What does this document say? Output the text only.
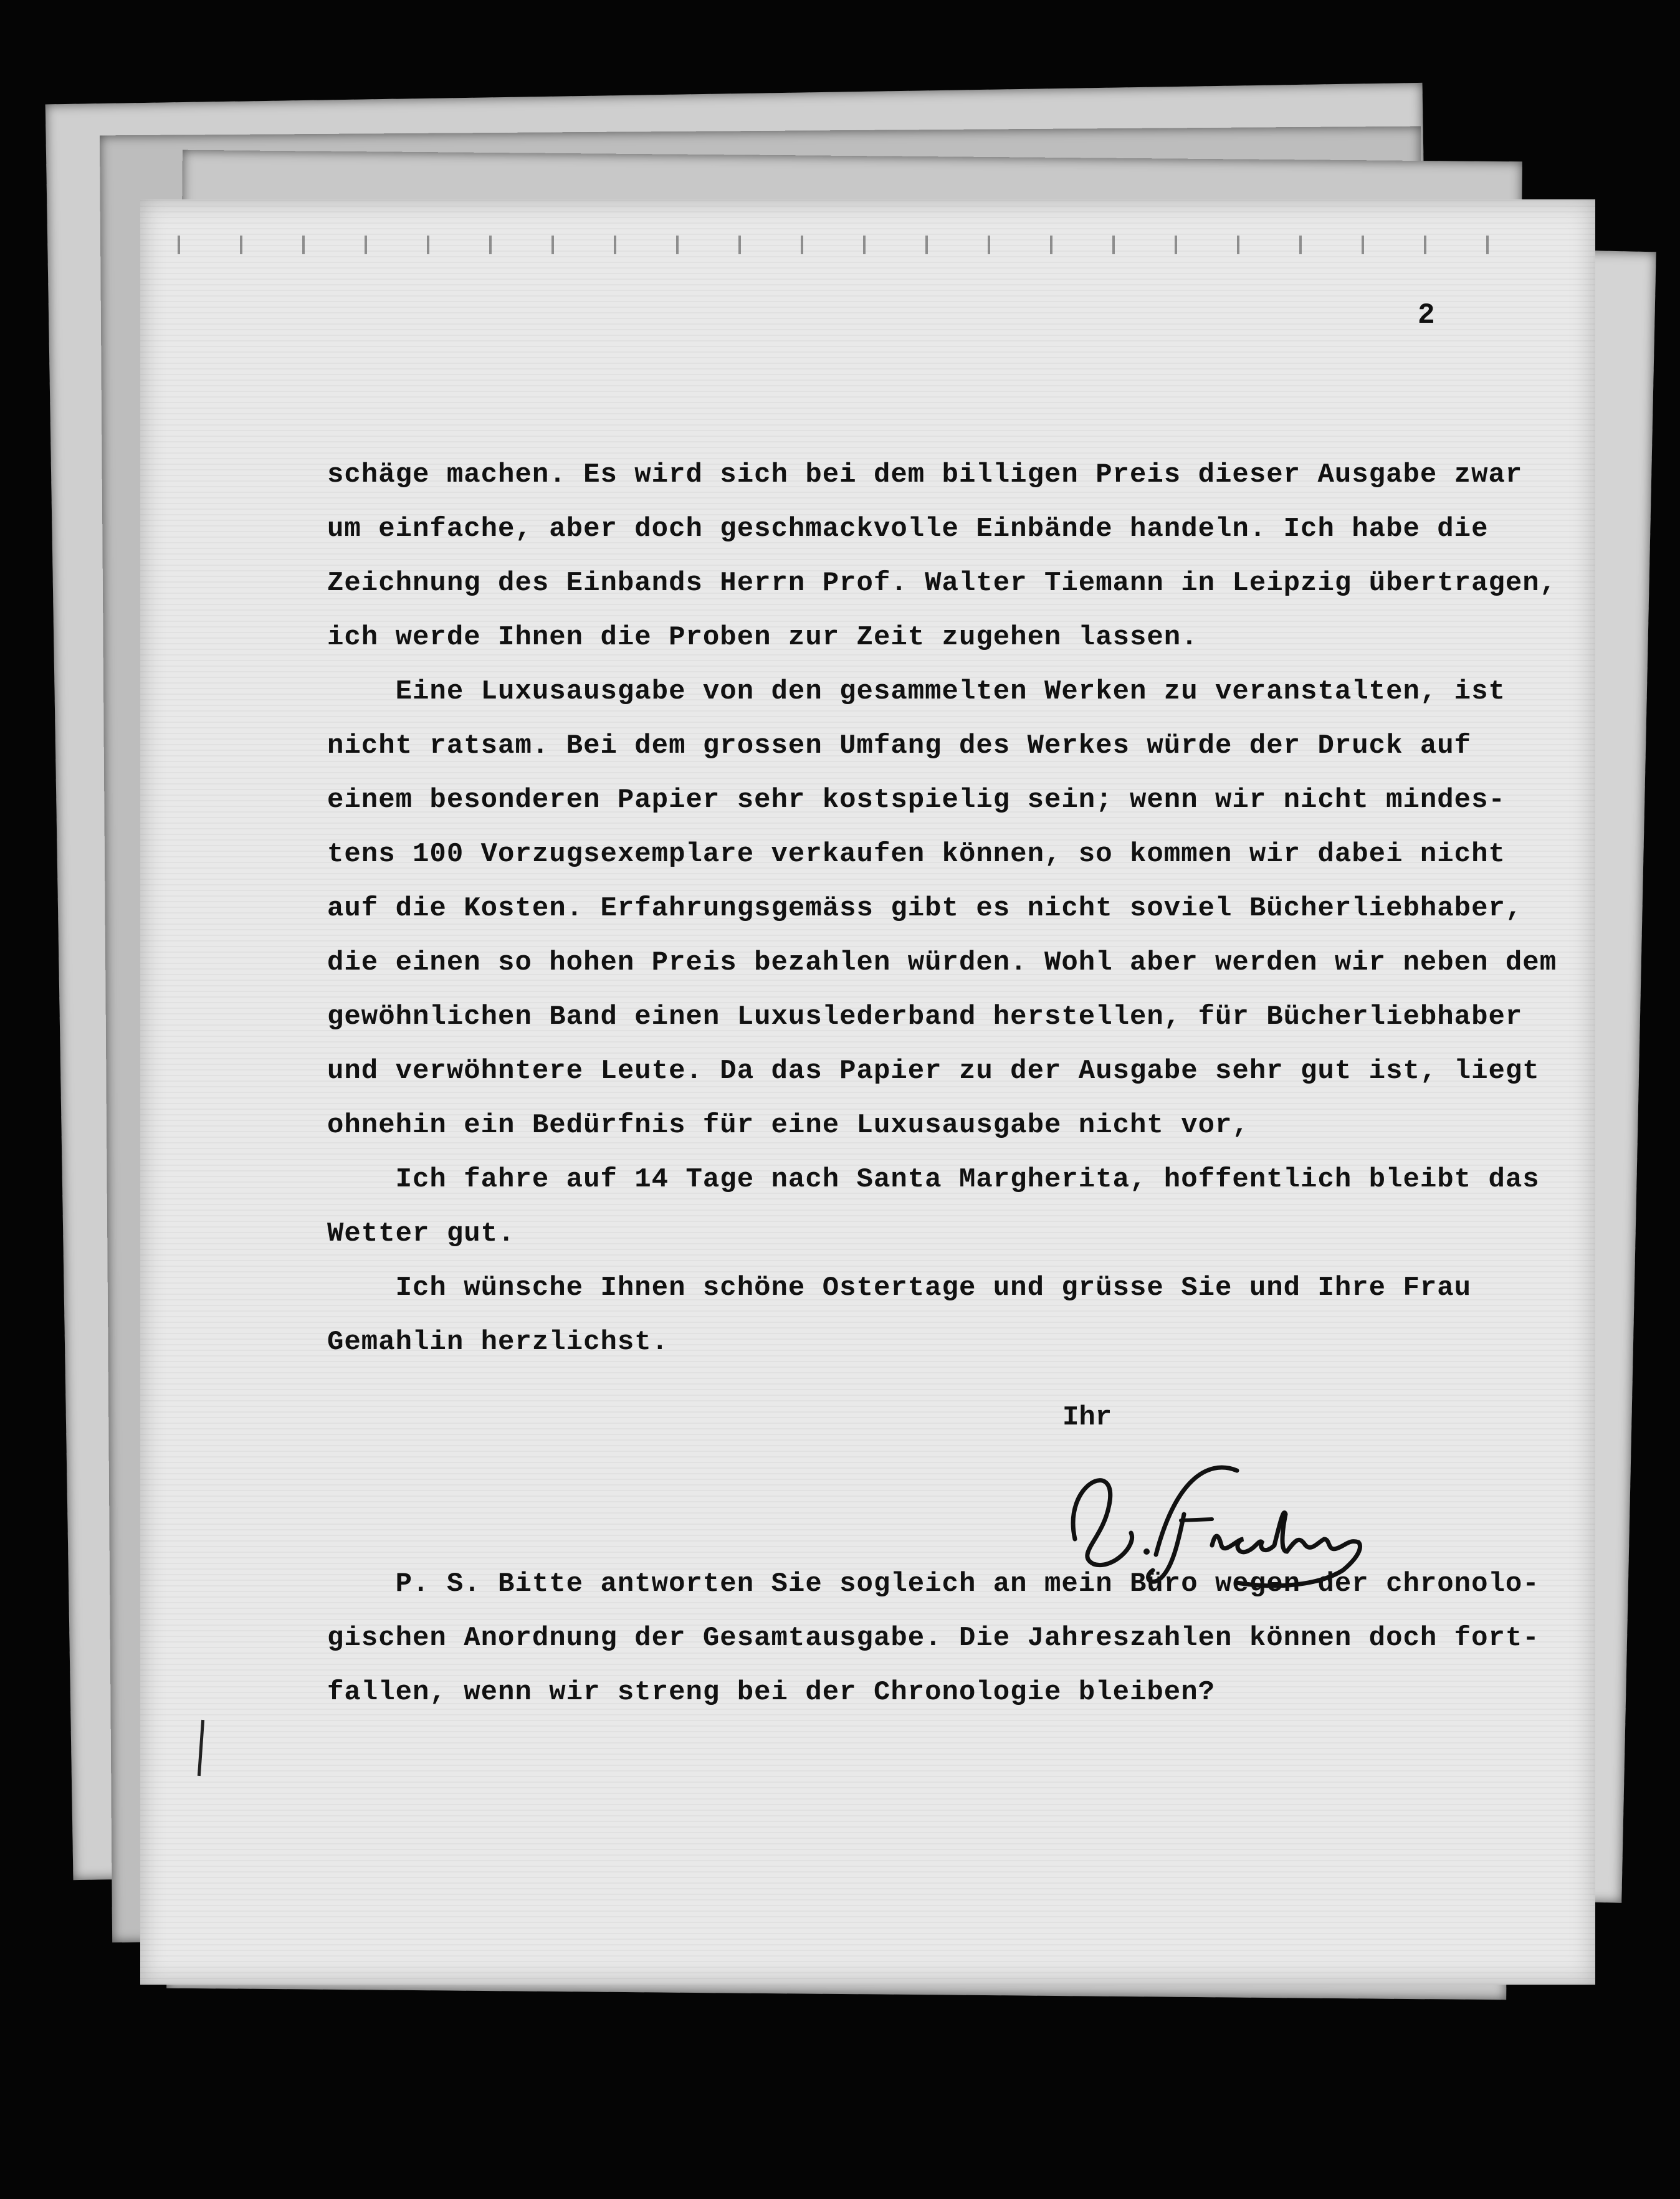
2
schäge machen. Es wird sich bei dem billigen Preis dieser Ausgabe zwar
um einfache, aber doch geschmackvolle Einbände handeln. Ich habe die
Zeichnung des Einbands Herrn Prof. Walter Tiemann in Leipzig übertragen,
ich werde Ihnen die Proben zur Zeit zugehen lassen.
Eine Luxusausgabe von den gesammelten Werken zu veranstalten, ist
nicht ratsam. Bei dem grossen Umfang des Werkes würde der Druck auf
einem besonderen Papier sehr kostspielig sein; wenn wir nicht mindes-
tens 100 Vorzugsexemplare verkaufen können, so kommen wir dabei nicht
auf die Kosten. Erfahrungsgemäss gibt es nicht soviel Bücherliebhaber,
die einen so hohen Preis bezahlen würden. Wohl aber werden wir neben dem
gewöhnlichen Band einen Luxuslederband herstellen, für Bücherliebhaber
und verwöhntere Leute. Da das Papier zu der Ausgabe sehr gut ist, liegt
ohnehin ein Bedürfnis für eine Luxusausgabe nicht vor,
Ich fahre auf 14 Tage nach Santa Margherita, hoffentlich bleibt das
Wetter gut.
Ich wünsche Ihnen schöne Ostertage und grüsse Sie und Ihre Frau
Gemahlin herzlichst.
Ihr
P. S. Bitte antworten Sie sogleich an mein Büro wegen der chronolo-
gischen Anordnung der Gesamtausgabe. Die Jahreszahlen können doch fort-
fallen, wenn wir streng bei der Chronologie bleiben?
